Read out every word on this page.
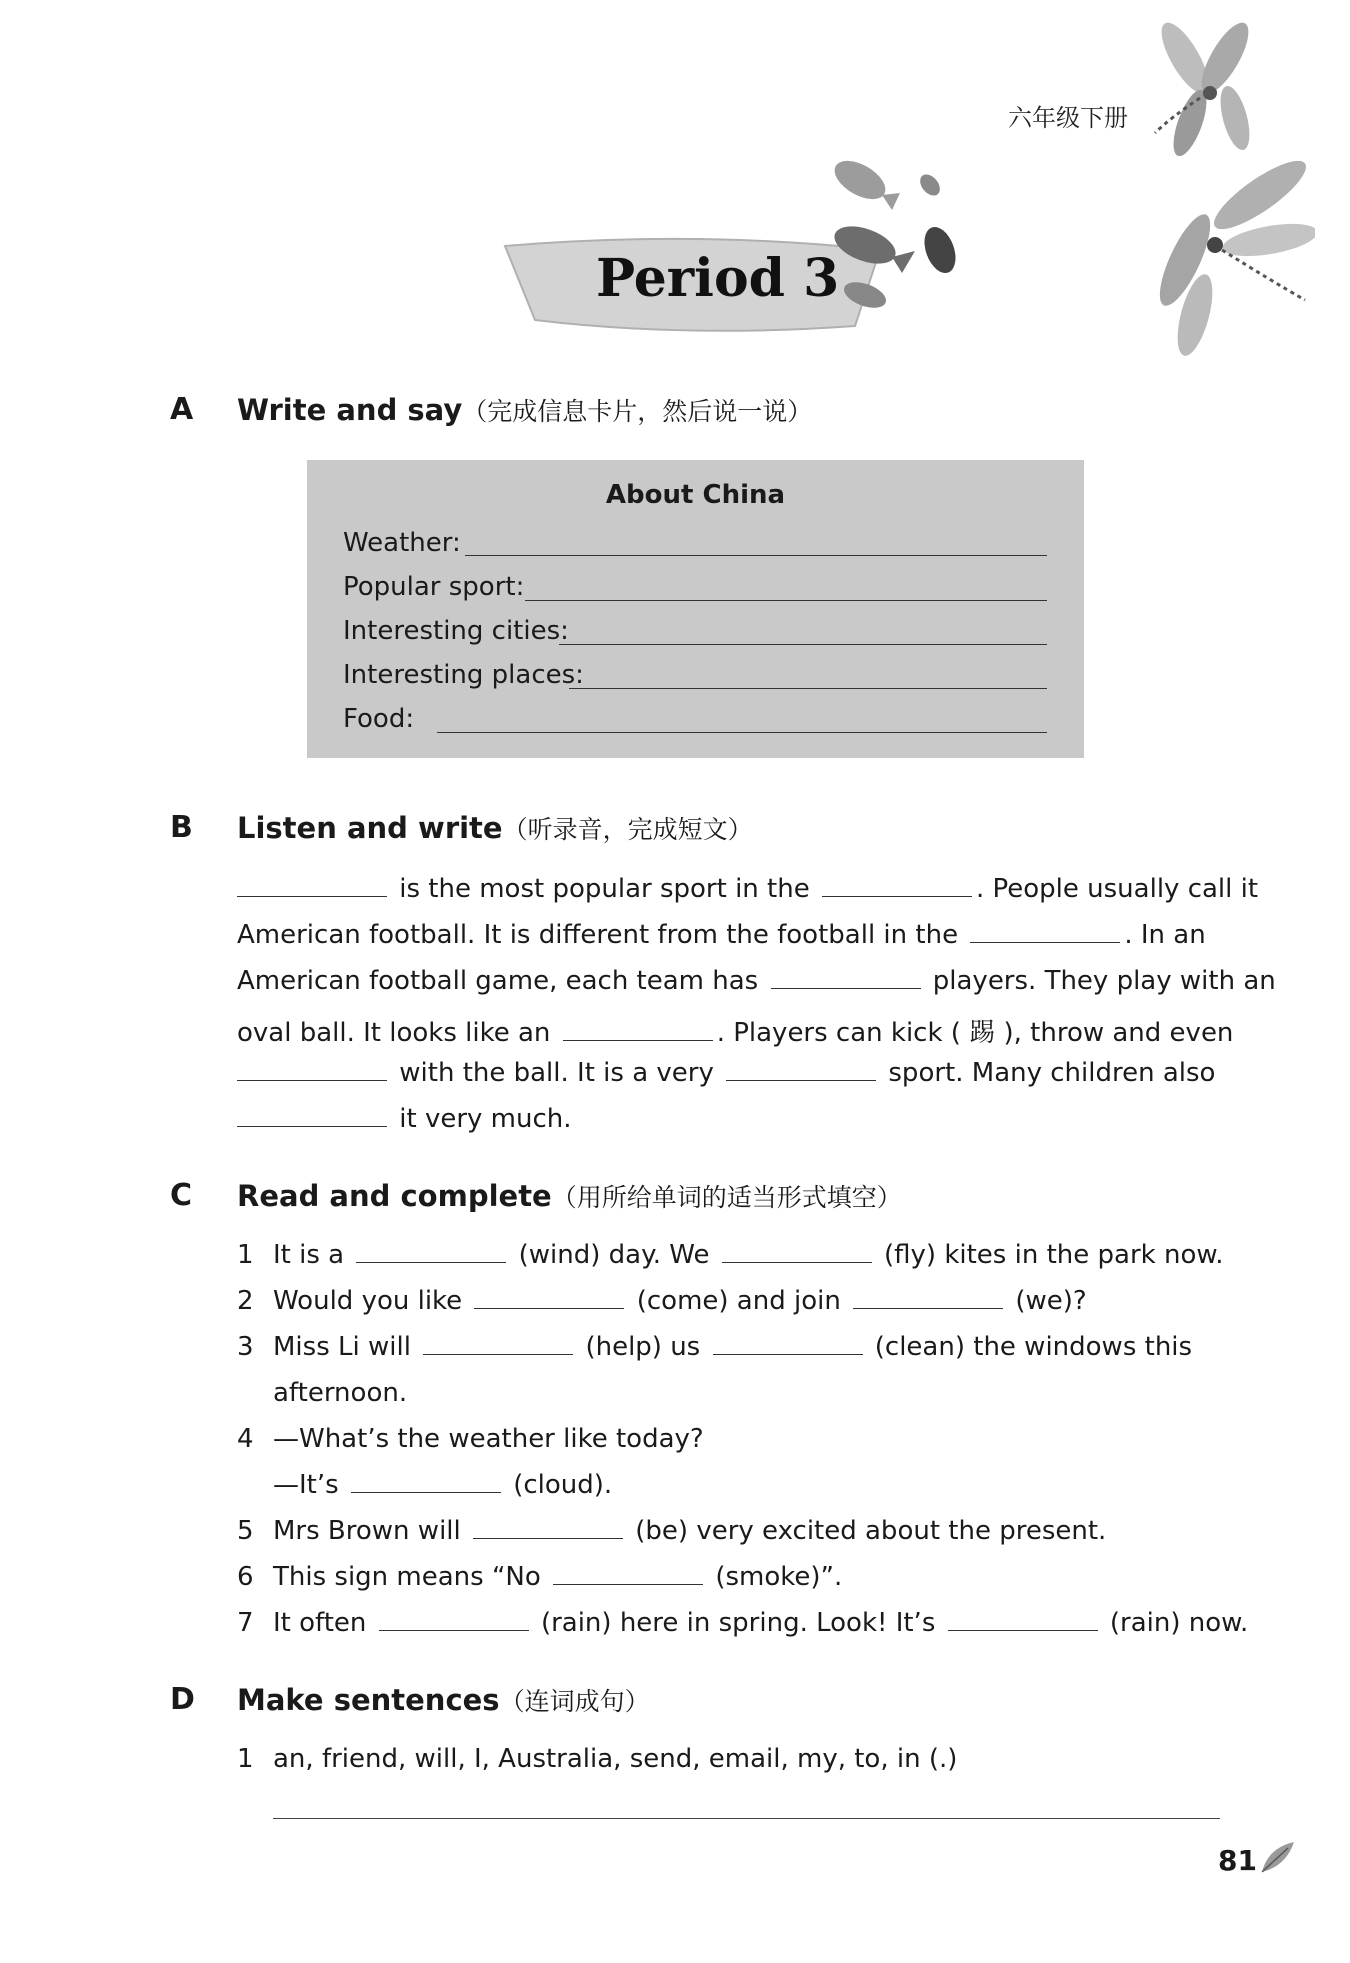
六年级下册
Period 3
A Write and say（完成信息卡片，然后说一说）
About China
Weather:
Popular sport:
Interesting cities:
Interesting places:
Food:
B Listen and write（听录音，完成短文）
is the most popular sport in the	. People usually call it
American football. It is different from the football in the	. In an
American football game, each team has	players. They play with an
oval ball. It looks like an	. Players can kick ( 踢 ), throw and even
with the ball. It is a very	sport. Many children also
it very much.
C Read and complete（用所给单词的适当形式填空）
1 It is a	(wind) day. We	(fly) kites in the park now.
2 Would you like	(come) and join	(we)?
3 Miss Li will	(help) us	(clean) the windows this
afternoon.
4 —What’s the weather like today?
—It’s	(cloud).
5 Mrs Brown will	(be) very excited about the present.
6 This sign means “No	(smoke)”.
7 It often	(rain) here in spring. Look! It’s	(rain) now.
D Make sentences（连词成句）
1 an, friend, will, I, Australia, send, email, my, to, in (.)
81
